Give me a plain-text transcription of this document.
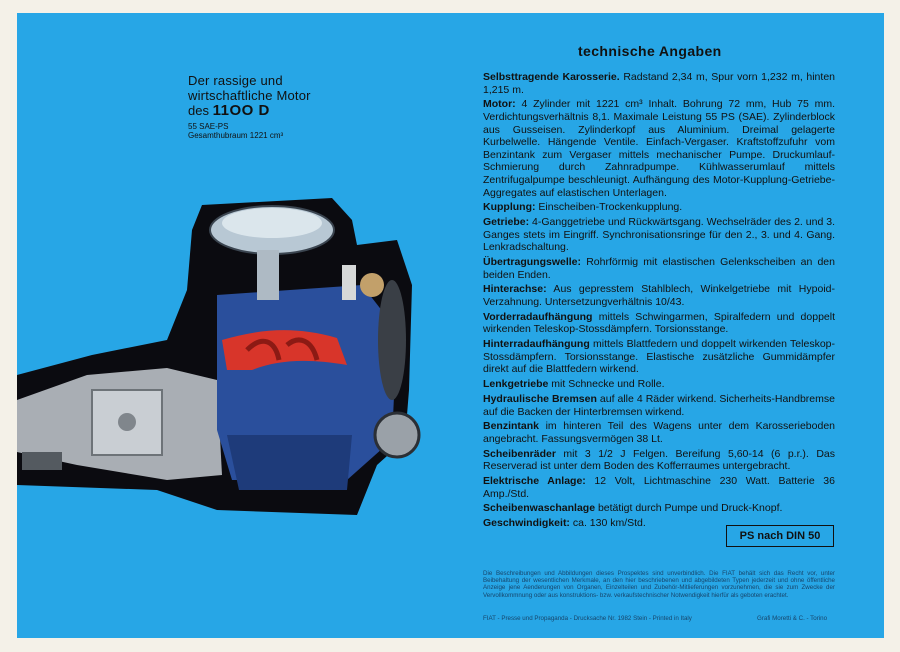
Der rassige und
wirtschaftliche Motor
des 11OO D
55 SAE-PS
Gesamthubraum 1221 cm³
technische Angaben

Selbsttragende Karosserie. Radstand 2,34 m, Spur vorn 1,232 m, hinten 1,215 m.

Motor: 4 Zylinder mit 1221 cm³ Inhalt. Bohrung 72 mm, Hub 75 mm. Verdichtungsverhältnis 8,1. Maximale Leistung 55 PS (SAE). Zylinderblock aus Gusseisen. Zylinderkopf aus Aluminium. Dreimal gelagerte Kurbelwelle. Hängende Ventile. Einfach-Vergaser. Kraftstoffzufuhr vom Benzintank zum Vergaser mittels mechanischer Pumpe. Druckumlauf-Schmierung durch Zahnradpumpe. Kühlwasserumlauf mittels Zentrifugalpumpe beschleunigt. Aufhängung des Motor-Kupplung-Getriebe-Aggregates auf elastischen Unterlagen.

Kupplung: Einscheiben-Trockenkupplung.

Getriebe: 4-Ganggetriebe und Rückwärtsgang. Wechselräder des 2. und 3. Ganges stets im Eingriff. Synchronisationsringe für den 2., 3. und 4. Gang. Lenkradschaltung.

Übertragungswelle: Rohrförmig mit elastischen Gelenkscheiben an den beiden Enden.

Hinterachse: Aus gepresstem Stahlblech, Winkelgetriebe mit Hypoid-Verzahnung. Untersetzungverhältnis 10/43.

Vorderradaufhängung mittels Schwingarmen, Spiralfedern und doppelt wirkenden Teleskop-Stossdämpfern. Torsionsstange.

Hinterradaufhängung mittels Blattfedern und doppelt wirkenden Teleskop-Stossdämpfern. Torsionsstange. Elastische zusätzliche Gummidämpfer direkt auf die Blattfedern wirkend.

Lenkgetriebe mit Schnecke und Rolle.

Hydraulische Bremsen auf alle 4 Räder wirkend. Sicherheits-Handbremse auf die Backen der Hinterbremsen wirkend.

Benzintank im hinteren Teil des Wagens unter dem Karosserieboden angebracht. Fassungsvermögen 38 Lt.

Scheibenräder mit 3 1/2 J Felgen. Bereifung 5,60-14 (6 p.r.). Das Reserverad ist unter dem Boden des Kofferraumes untergebracht.

Elektrische Anlage: 12 Volt, Lichtmaschine 230 Watt. Batterie 36 Amp./Std.

Scheibenwaschanlage betätigt durch Pumpe und Druck-Knopf.

Geschwindigkeit: ca. 130 km/Std.

PS nach DIN 50
Die Beschreibungen und Abbildungen dieses Prospektes sind unverbindlich. Die FIAT behält sich das Recht vor, unter Beibehaltung der wesentlichen Merkmale, an den hier beschriebenen und abgebildeten Typen jederzeit und ohne öffentliche Anzeige jene Aenderungen von Organen, Einzelteilen und Zubehör-Mitlieferungen vorzunehmen, die sie zum Zwecke der Vervollkommnung oder aus konstruktions- bzw. verkaufstechnischer Notwendigkeit hierfür als geboten erachtet.
FIAT - Presse und Propaganda - Drucksache Nr. 1982 Stein - Printed in Italy	Grafi Moretti & C. - Torino
